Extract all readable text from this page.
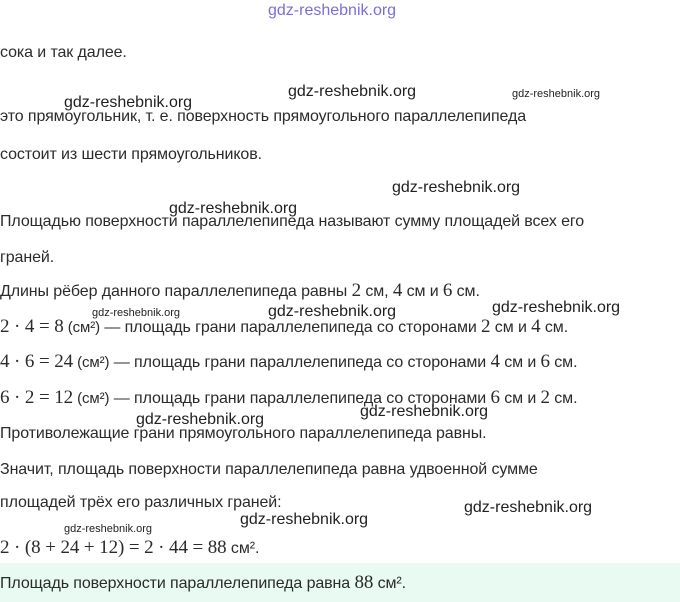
gdz-reshebnik.org
сока и так далее.
это прямоугольник, т. е. поверхность прямоугольного параллелепипеда
состоит из шести прямоугольников.
Площадью поверхности параллелепипеда называют сумму площадей всех его
граней.
Длины рёбер данного параллелепипеда равны 2 см, 4 см и 6 см.
2 · 4 = 8 (см²) — площадь грани параллелепипеда со сторонами 2 см и 4 см.
4 · 6 = 24 (см²) — площадь грани параллелепипеда со сторонами 4 см и 6 см.
6 · 2 = 12 (см²) — площадь грани параллелепипеда со сторонами 6 см и 2 см.
Противолежащие грани прямоугольного параллелепипеда равны.
Значит, площадь поверхности параллелепипеда равна удвоенной сумме
площадей трёх его различных граней:
2 · (8 + 24 + 12) = 2 · 44 = 88 см².
Площадь поверхности параллелепипеда равна 88 см².
gdz-reshebnik.org
gdz-reshebnik.org	gdz-reshebnik.org
gdz-reshebnik.org
gdz-reshebnik.org
gdz-reshebnik.org	gdz-reshebnik.org	gdz-reshebnik.org
gdz-reshebnik.org	gdz-reshebnik.org
gdz-reshebnik.org
gdz-reshebnik.org
gdz-reshebnik.org
